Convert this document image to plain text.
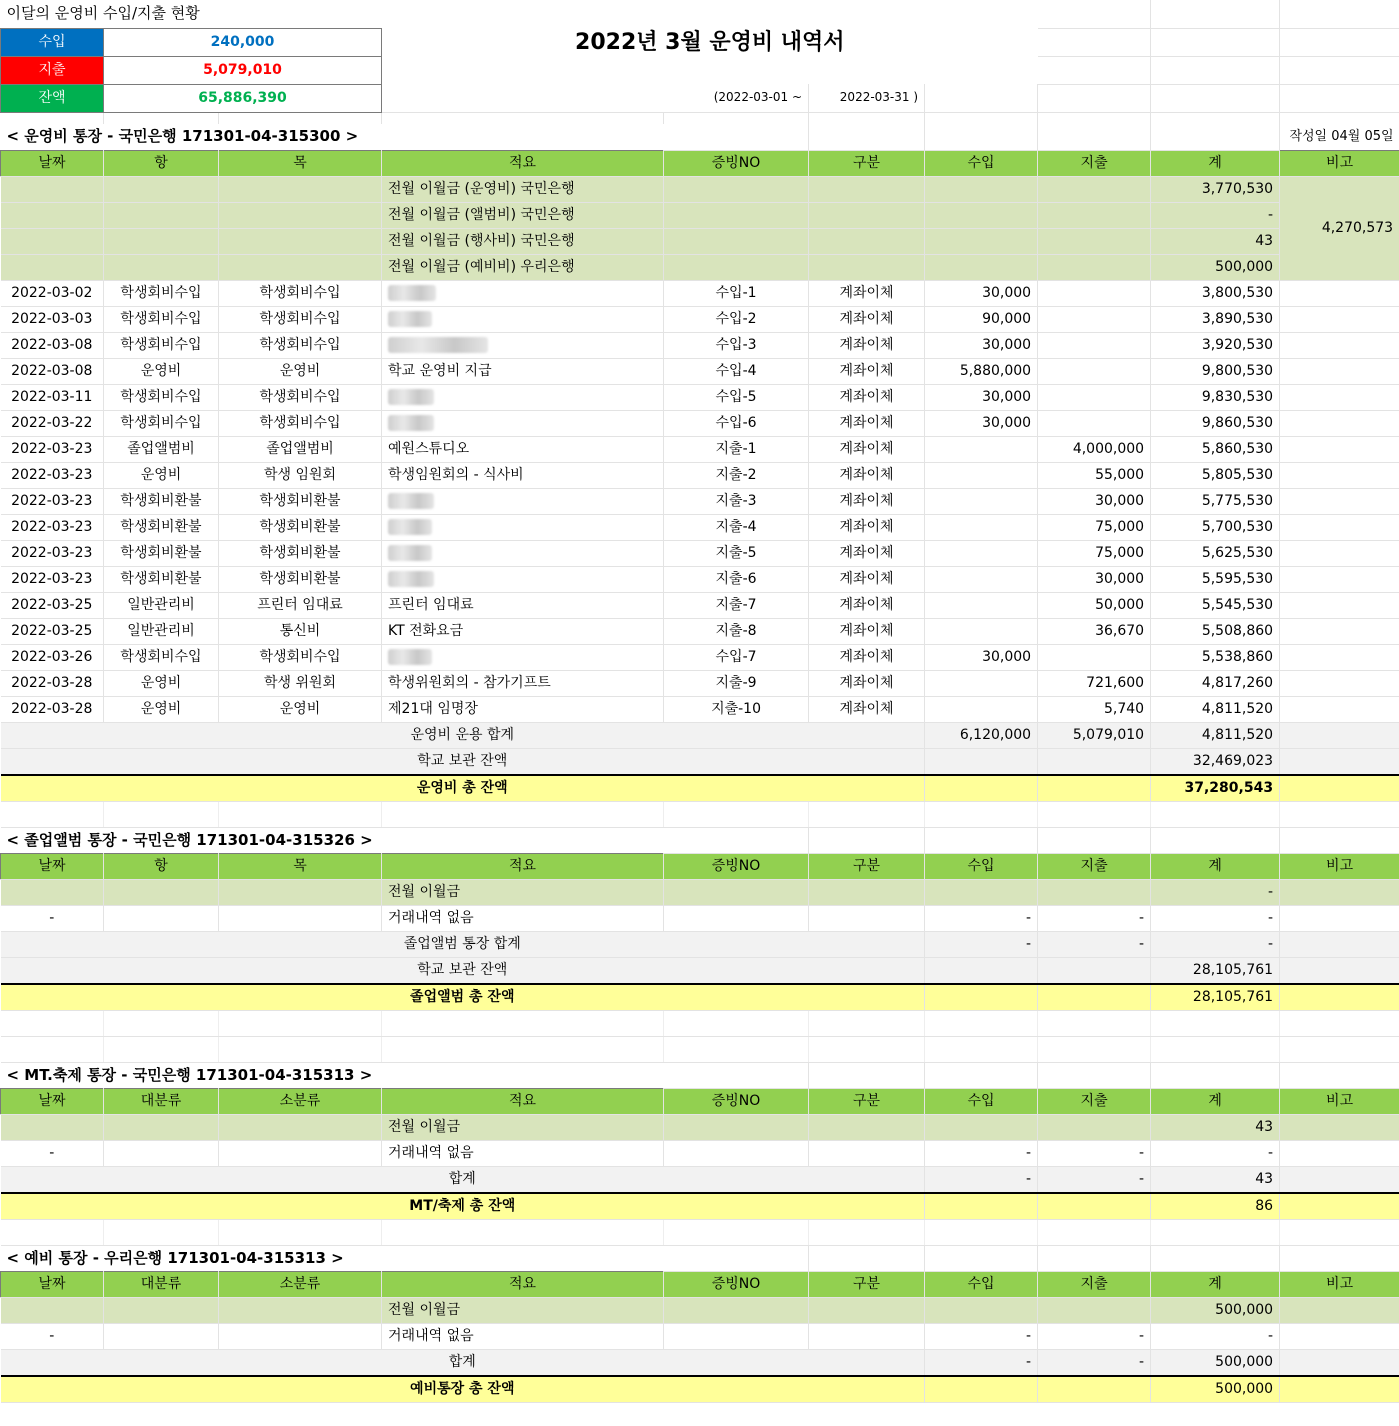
이달의 운영비 수입/지출 현황			2022년 3월 운영비 내역서						
수입	240,000								
지출	5,079,010								
잔액	65,886,390		(2022-03-01 ~		2022-03-31 )				

< 운영비 통장 - 국민은행 171301-04-315300 >									작성일 04월 05일
날짜	항	목	적요	증빙NO	구분	수입	지출	계	비고
			전월 이월금 (운영비) 국민은행					3,770,530	4,270,573
			전월 이월금 (앨범비) 국민은행					-	
			전월 이월금 (행사비) 국민은행					43	
			전월 이월금 (예비비) 우리은행					500,000	
2022-03-02	학생회비수입	학생회비수입		수입-1	계좌이체	30,000		3,800,530	
2022-03-03	학생회비수입	학생회비수입		수입-2	계좌이체	90,000		3,890,530	
2022-03-08	학생회비수입	학생회비수입		수입-3	계좌이체	30,000		3,920,530	
2022-03-08	운영비	운영비	학교 운영비 지급	수입-4	계좌이체	5,880,000		9,800,530	
2022-03-11	학생회비수입	학생회비수입		수입-5	계좌이체	30,000		9,830,530	
2022-03-22	학생회비수입	학생회비수입		수입-6	계좌이체	30,000		9,860,530	
2022-03-23	졸업앨범비	졸업앨범비	예원스튜디오	지출-1	계좌이체		4,000,000	5,860,530	
2022-03-23	운영비	학생 임원회	학생임원회의 - 식사비	지출-2	계좌이체		55,000	5,805,530	
2022-03-23	학생회비환불	학생회비환불		지출-3	계좌이체		30,000	5,775,530	
2022-03-23	학생회비환불	학생회비환불		지출-4	계좌이체		75,000	5,700,530	
2022-03-23	학생회비환불	학생회비환불		지출-5	계좌이체		75,000	5,625,530	
2022-03-23	학생회비환불	학생회비환불		지출-6	계좌이체		30,000	5,595,530	
2022-03-25	일반관리비	프린터 임대료	프린터 임대료	지출-7	계좌이체		50,000	5,545,530	
2022-03-25	일반관리비	통신비	KT 전화요금	지출-8	계좌이체		36,670	5,508,860	
2022-03-26	학생회비수입	학생회비수입		수입-7	계좌이체	30,000		5,538,860	
2022-03-28	운영비	학생 위원회	학생위원회의 - 참가기프트	지출-9	계좌이체		721,600	4,817,260	
2022-03-28	운영비	운영비	제21대 임명장	지출-10	계좌이체		5,740	4,811,520	
운영비 운용 합계						6,120,000	5,079,010	4,811,520	
학교 보관 잔액								32,469,023	
운영비 총 잔액								37,280,543	

< 졸업앨범 통장 - 국민은행 171301-04-315326 >									
날짜	항	목	적요	증빙NO	구분	수입	지출	계	비고
			전월 이월금					-	
-			거래내역 없음			-	-	-	
졸업앨범 통장 합계						-	-	-	
학교 보관 잔액								28,105,761	
졸업앨범 총 잔액								28,105,761	

< MT.축제 통장 - 국민은행 171301-04-315313 >									
날짜	대분류	소분류	적요	증빙NO	구분	수입	지출	계	비고
			전월 이월금					43	
-			거래내역 없음			-	-	-	
합계						-	-	43	
MT/축제 총 잔액								86	

< 예비 통장 - 우리은행 171301-04-315313 >									
날짜	대분류	소분류	적요	증빙NO	구분	수입	지출	계	비고
			전월 이월금					500,000	
-			거래내역 없음			-	-	-	
합계						-	-	500,000	
예비통장 총 잔액								500,000	
